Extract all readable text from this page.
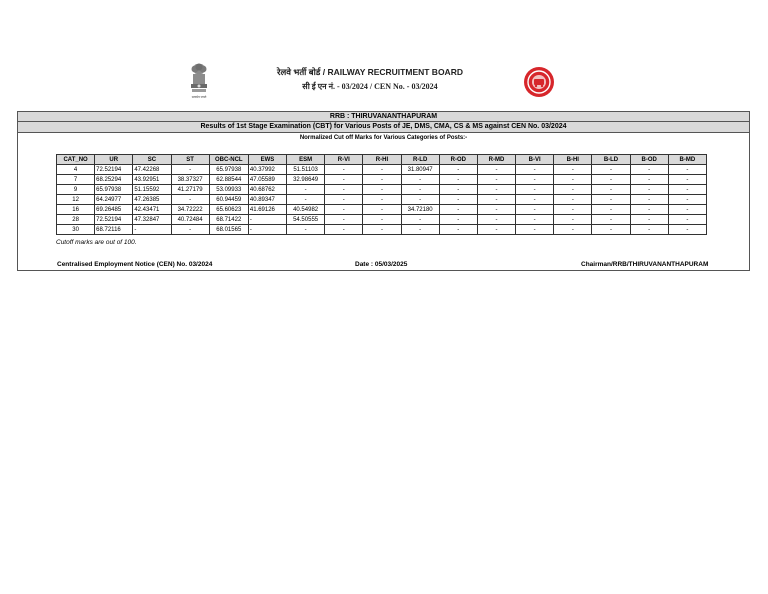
सत्यमेव जयते
रेलवे भर्ती बोर्ड / RAILWAY RECRUITMENT BOARD
सी ई एन नं. - 03/2024 / CEN No. - 03/2024
RRB : THIRUVANANTHAPURAM
Results of 1st Stage Examination (CBT) for Various Posts of JE, DMS, CMA, CS & MS against CEN No. 03/2024
Normalized Cut off Marks for Various Categories of Posts:-
CAT_NO	UR	SC	ST	OBC-NCL	EWS	ESM	R-VI	R-HI	R-LD	R-OD	R-MD	B-VI	B-HI	B-LD	B-OD	B-MD
4	72.52194	47.42268	-	65.97938	40.37992	51.51103	-	-	31.80947	-	-	-	-	-	-	-
7	68.25294	43.92951	38.37327	62.88544	47.05589	32.98649	-	-	-	-	-	-	-	-	-	-
9	65.97938	51.15592	41.27179	53.09933	40.68762	-	-	-	-	-	-	-	-	-	-	-
12	64.24977	47.26385	-	60.94459	40.89347	-	-	-	-	-	-	-	-	-	-	-
16	69.26485	42.43471	34.72222	65.60623	41.69126	40.54982	-	-	34.72180	-	-	-	-	-	-	-
28	72.52194	47.32847	40.72484	68.71422	-	54.50555	-	-	-	-	-	-	-	-	-	-
30	68.72116	-	-	68.01565	-	-	-	-	-	-	-	-	-	-	-	-
Cutoff marks are out of 100.
Centralised Employment Notice (CEN) No. 03/2024	Date : 05/03/2025	Chairman/RRB/THIRUVANANTHAPURAM
